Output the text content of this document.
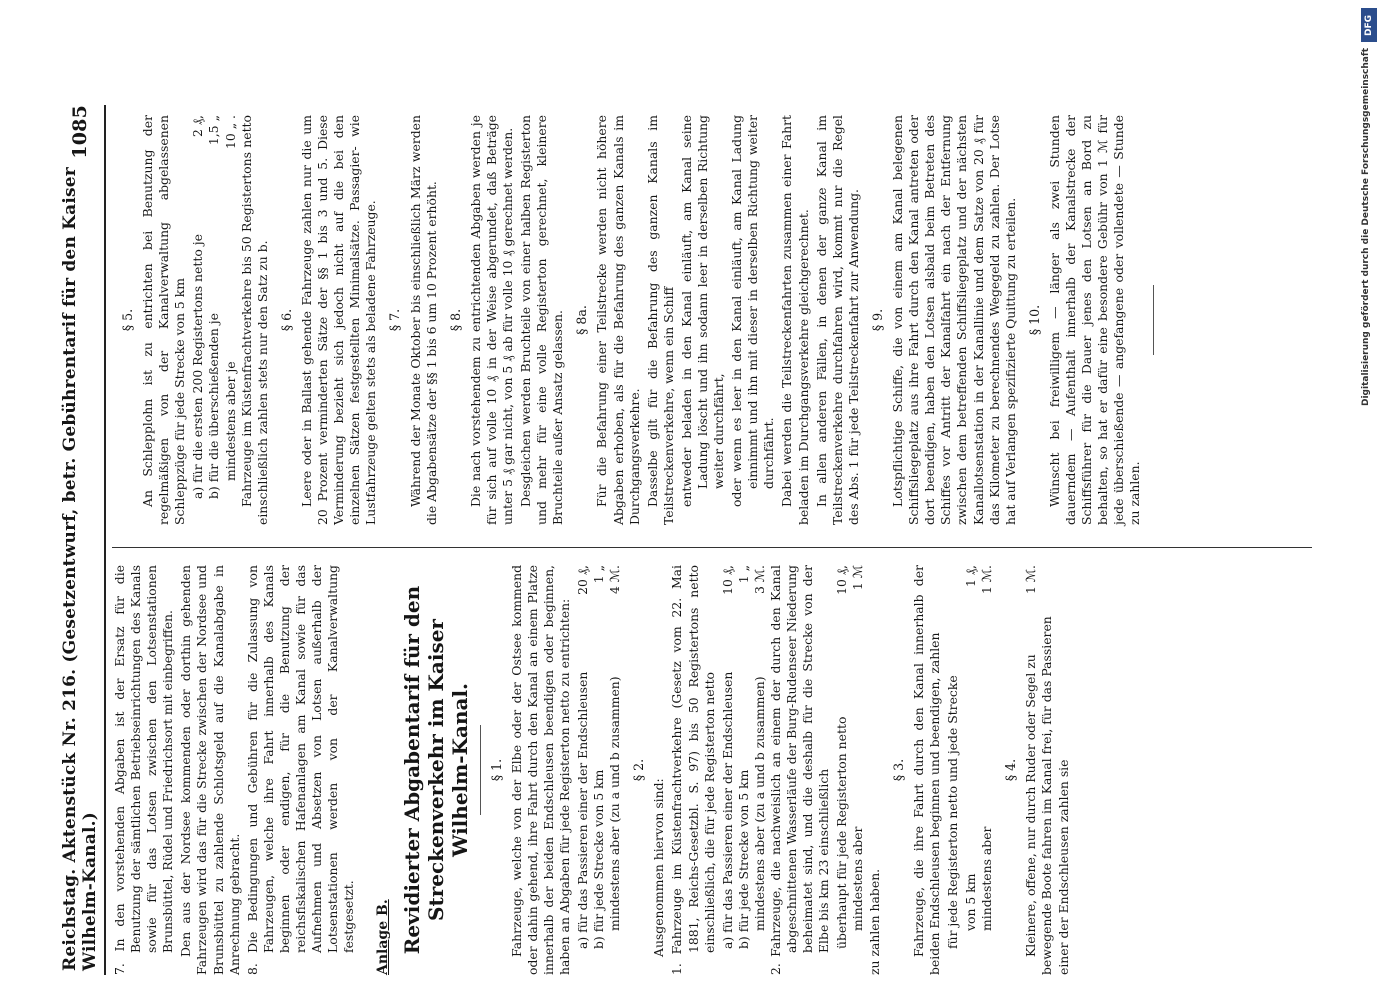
Reichstag. Aktenstück Nr. 216. (Gesetzentwurf, betr. Gebührentarif für den Kaiser Wilhelm-Kanal.)
1085

7. In den vorstehenden Abgaben ist der Ersatz für die Benutzung der sämtlichen Betriebseinrichtungen des Kanals sowie für das Lotsen zwischen den Lotsenstationen Brunsbüttel, Rüdel und Friedrichsort mit einbegriffen. Den aus der Nordsee kommenden oder dorthin gehenden Fahrzeugen wird das für die Strecke zwischen der Nordsee und Brunsbüttel zu zahlende Schlotsgeld auf die Kanalabgabe in Anrechnung gebracht. 8. Die Bedingungen und Gebühren für die Zulassung von Fahrzeugen, welche ihre Fahrt innerhalb des Kanals beginnen oder endigen, für die Benutzung der reichsfiskalischen Hafenanlagen am Kanal sowie für das Aufnehmen und Absetzen von Lotsen außerhalb der Lotsenstationen werden von der Kanalverwaltung festgesetzt. Anlage B. Revidierter Abgabentarif für den Streckenverkehr im Kaiser Wilhelm-Kanal. § 1. Fahrzeuge, welche von der Elbe oder der Ostsee kommend oder dahin gehend, ihre Fahrt durch den Kanal an einem Platze innerhalb der beiden Endschleusen beendigen oder beginnen, haben an Abgaben für jede Registerton netto zu entrichten: a) für das Passieren einer der Endschleusen
20 ₰,
b) für jede Strecke von 5 km
1 „
mindestens aber (zu a und b zusammen)
4 ℳ.
§ 2.

Ausgenommen hiervon sind: 1. Fahrzeuge im Küstenfrachtverkehre (Gesetz vom 22. Mai 1881, Reichs-Gesetzbl. S. 97) bis 50 Registertons netto einschließlich, die für jede Registerton netto a) für das Passieren einer der Endschleusen
10 ₰,
b) für jede Strecke von 5 km
1 „
mindestens aber (zu a und b zusammen)
3 ℳ. 2. Fahrzeuge, die nachweislich an einem der durch den Kanal abgeschnittenen Wasserläufe der Burg-Rudenseer Niederung beheimatet sind, und die deshalb für die Strecke von der Elbe bis km 23 einschließlich überhaupt für jede Registerton netto
10 ₰,
mindestens aber
1 ℳ

zu zahlen haben.

§ 3. Fahrzeuge, die ihre Fahrt durch den Kanal innerhalb der beiden Endschleusen beginnen und beendigen, zahlen für jede Registerton netto und jede Strecke von 5 km
1 ₰,
mindestens aber
1 ℳ.
§ 4. Kleinere, offene, nur durch Ruder oder Segel zu bewegende Boote fahren im Kanal frei, für das Passieren einer der Endschleusen zahlen sie
1 ℳ.
§ 5. An Schlepplohn ist zu entrichten bei Benutzung der regelmäßigen von der Kanalverwaltung abgelassenen Schleppzüge für jede Strecke von 5 km a) für die ersten 200 Registertons netto je
2 ₰,
b) für die überschießenden je
1,5 „
mindestens aber je
10 „ . Fahrzeuge im Küstenfrachtverkehre bis 50 Registertons netto einschließlich zahlen stets nur den Satz zu b. § 6. Leere oder in Ballast gehende Fahrzeuge zahlen nur die um 20 Prozent verminderten Sätze der §§ 1 bis 3 und 5. Diese Verminderung bezieht sich jedoch nicht auf die bei den einzelnen Sätzen festgestellten Minimalsätze. Passagier- wie Lustfahrzeuge gelten stets als beladene Fahrzeuge. § 7. Während der Monate Oktober bis einschließlich März werden die Abgabensätze der §§ 1 bis 6 um 10 Prozent erhöht. § 8. Die nach vorstehendem zu entrichtenden Abgaben werden je für sich auf volle 10 ₰ in der Weise abgerundet, daß Beträge unter 5 ₰ gar nicht, von 5 ₰ ab für volle 10 ₰ gerechnet werden. Desgleichen werden Bruchteile von einer halben Registerton und mehr für eine volle Registerton gerechnet, kleinere Bruchteile außer Ansatz gelassen. § 8a. Für die Befahrung einer Teilstrecke werden nicht höhere Abgaben erhoben, als für die Befahrung des ganzen Kanals im Durchgangsverkehre. Dasselbe gilt für die Befahrung des ganzen Kanals im Teilstreckenverkehre, wenn ein Schiff entweder beladen in den Kanal einläuft, am Kanal seine Ladung löscht und ihn sodann leer in derselben Richtung weiter durchfährt, oder wenn es leer in den Kanal einläuft, am Kanal Ladung einnimmt und ihn mit dieser in derselben Richtung weiter durchfährt. Dabei werden die Teilstreckenfahrten zusammen einer Fahrt beladen im Durchgangsverkehre gleichgerechnet. In allen anderen Fällen, in denen der ganze Kanal im Teilstreckenverkehre durchfahren wird, kommt nur die Regel des Abs. 1 für jede Teilstreckenfahrt zur Anwendung. § 9. Lotspflichtige Schiffe, die von einem am Kanal belegenen Schiffsliegeplatz aus ihre Fahrt durch den Kanal antreten oder dort beendigen, haben den Lotsen alsbald beim Betreten des Schiffes vor Antritt der Kanalfahrt ein nach der Entfernung zwischen dem betreffenden Schiffsliegeplatz und der nächsten Kanallotsenstation in der Kanallinie und dem Satze von 20 ₰ für das Kilometer zu berechnendes Wegegeld zu zahlen. Der Lotse hat auf Verlangen spezifizierte Quittung zu erteilen. § 10. Wünscht bei freiwilligem — länger als zwei Stunden dauerndem — Aufenthalt innerhalb der Kanalstrecke der Schiffsführer für die Dauer jenes den Lotsen an Bord zu behalten, so hat er dafür eine besondere Gebühr von 1 ℳ für jede überschießende — angefangene oder vollendete — Stunde zu zahlen.

DFG
Digitalisierung gefördert durch die Deutsche Forschungsgemeinschaft
